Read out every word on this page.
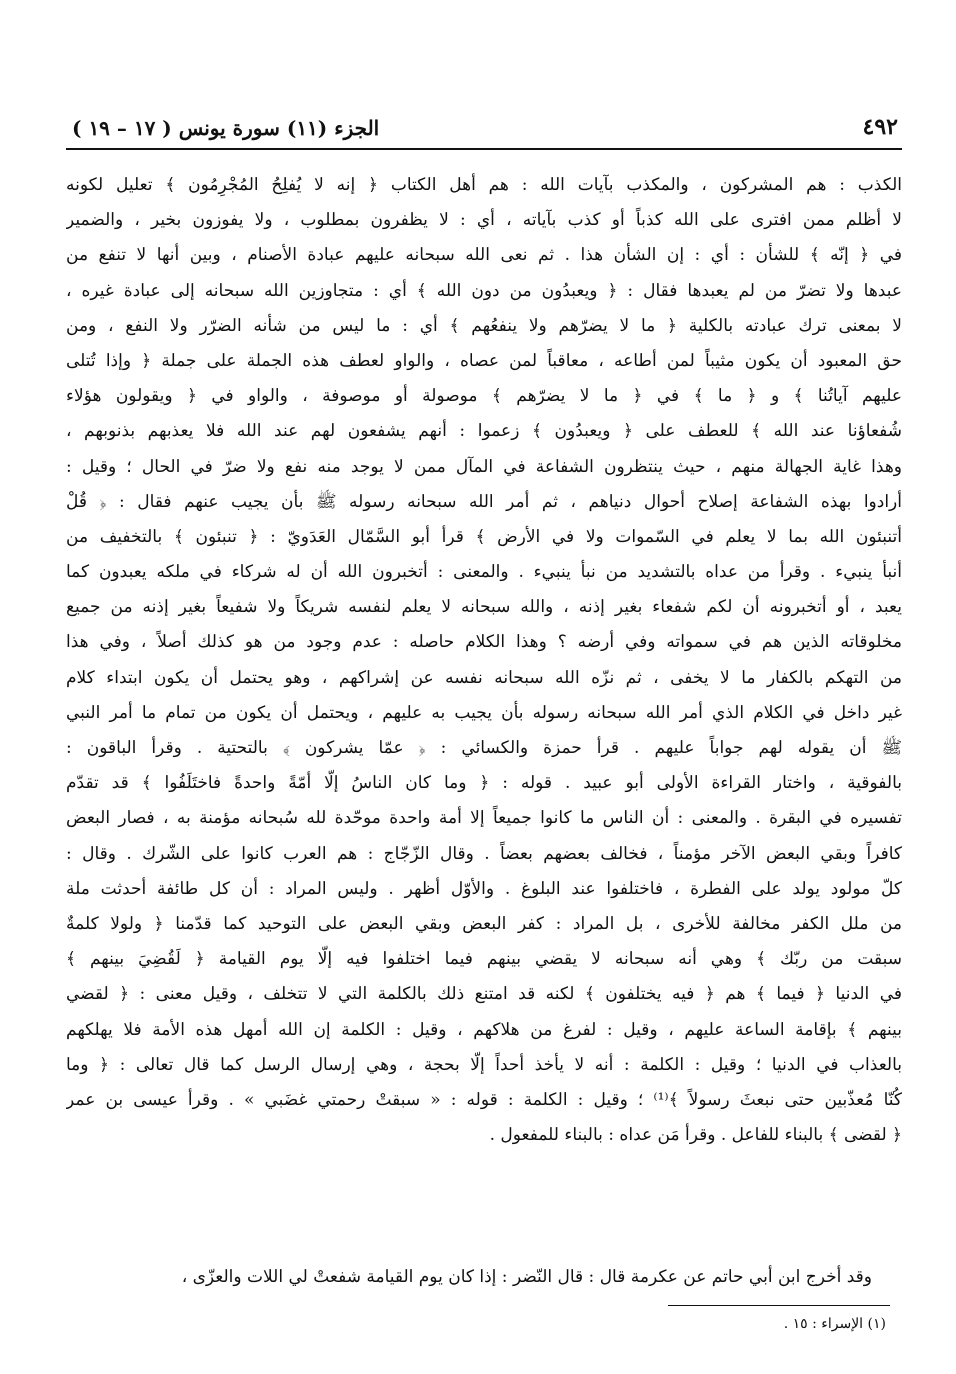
٤٩٢
الجزء (١١) سورة يونس ( ١٧ – ١٩ )
الكذب : هم المشركون ، والمكذب بآيات الله : هم أهل الكتاب ﴿ إنه لا يُفلِحُ المُجْرِمُون ﴾ تعليل لكونه
لا أظلم ممن افترى على الله كذباً أو كذب بآياته ، أي : لا يظفرون بمطلوب ، ولا يفوزون بخير ، والضمير
في ﴿ إنّه ﴾ للشأن : أي : إن الشأن هذا . ثم نعى الله سبحانه عليهم عبادة الأصنام ، وبين أنها لا تنفع من
عبدها ولا تضرّ من لم يعبدها فقال : ﴿ ويعبدُون من دون الله ﴾ أي : متجاوزين الله سبحانه إلى عبادة غيره ،
لا بمعنى ترك عبادته بالكلية ﴿ ما لا يضرّهم ولا ينفعُهم ﴾ أي : ما ليس من شأنه الضرّر ولا النفع ، ومن
حق المعبود أن يكون مثيباً لمن أطاعه ، معاقباً لمن عصاه ، والواو لعطف هذه الجملة على جملة ﴿ وإذا تُتلى
عليهم آياتُنا ﴾ و ﴿ ما ﴾ في ﴿ ما لا يضرّهم ﴾ موصولة أو موصوفة ، والواو في ﴿ ويقولون هؤلاء
شُفعاؤنا عند الله ﴾ للعطف على ﴿ ويعبدُون ﴾ زعموا : أنهم يشفعون لهم عند الله فلا يعذبهم بذنوبهم ،
وهذا غاية الجهالة منهم ، حيث ينتظرون الشفاعة في المآل ممن لا يوجد منه نفع ولا ضرّ في الحال ؛ وقيل :
أرادوا بهذه الشفاعة إصلاح أحوال دنياهم ، ثم أمر الله سبحانه رسوله ﷺ بأن يجيب عنهم فقال : ﴿ قُلْ
أتنبئون الله بما لا يعلم في السّموات ولا في الأرض ﴾ قرأ أبو السَّمّال العَدَويّ : ﴿ تنبئون ﴾ بالتخفيف من
أنبأ ينبيء . وقرأ من عداه بالتشديد من نبأ ينبيء . والمعنى : أتخبرون الله أن له شركاء في ملكه يعبدون كما
يعبد ، أو أتخبرونه أن لكم شفعاء بغير إذنه ، والله سبحانه لا يعلم لنفسه شريكاً ولا شفيعاً بغير إذنه من جميع
مخلوقاته الذين هم في سمواته وفي أرضه ؟ وهذا الكلام حاصله : عدم وجود من هو كذلك أصلاً ، وفي هذا
من التهكم بالكفار ما لا يخفى ، ثم نزّه الله سبحانه نفسه عن إشراكهم ، وهو يحتمل أن يكون ابتداء كلام
غير داخل في الكلام الذي أمر الله سبحانه رسوله بأن يجيب به عليهم ، ويحتمل أن يكون من تمام ما أمر النبي
ﷺ أن يقوله لهم جواباً عليهم . قرأ حمزة والكسائي : ﴿ عمّا يشركون ﴾ بالتحتية . وقرأ الباقون :
بالفوقية ، واختار القراءة الأولى أبو عبيد . قوله : ﴿ وما كان الناسُ إلّا أمّةً واحدةً فاختَلَفُوا ﴾ قد تقدّم
تفسيره في البقرة . والمعنى : أن الناس ما كانوا جميعاً إلا أمة واحدة موحّدة لله سُبحانه مؤمنة به ، فصار البعض
كافراً وبقي البعض الآخر مؤمناً ، فخالف بعضهم بعضاً . وقال الزّجّاج : هم العرب كانوا على الشّرك . وقال :
كلّ مولود يولد على الفطرة ، فاختلفوا عند البلوغ . والأوّل أظهر . وليس المراد : أن كل طائفة أحدثت ملة
من ملل الكفر مخالفة للأخرى ، بل المراد : كفر البعض وبقي البعض على التوحيد كما قدّمنا ﴿ ولولا كلمةٌ
سبقت من ربّك ﴾ وهي أنه سبحانه لا يقضي بينهم فيما اختلفوا فيه إلّا يوم القيامة ﴿ لَقُضِيَ بينهم ﴾
في الدنيا ﴿ فيما ﴾ هم ﴿ فيه يختلفون ﴾ لكنه قد امتنع ذلك بالكلمة التي لا تتخلف ، وقيل معنى : ﴿ لقضي
بينهم ﴾ بإقامة الساعة عليهم ، وقيل : لفرغ من هلاكهم ، وقيل : الكلمة إن الله أمهل هذه الأمة فلا يهلكهم
بالعذاب في الدنيا ؛ وقيل : الكلمة : أنه لا يأخذ أحداً إلّا بحجة ، وهي إرسال الرسل كما قال تعالى : ﴿ وما
كُنّا مُعذّبين حتى نبعثَ رسولاً ﴾⁽¹⁾ ؛ وقيل : الكلمة : قوله : « سبقتْ رحمتي غضَبي » . وقرأ عيسى بن عمر
﴿ لقضى ﴾ بالبناء للفاعل . وقرأ مَن عداه : بالبناء للمفعول .
وقد أخرج ابن أبي حاتم عن عكرمة قال : قال النّضر : إذا كان يوم القيامة شفعتْ لي اللات والعزّى ،
(١) الإسراء : ١٥ .
